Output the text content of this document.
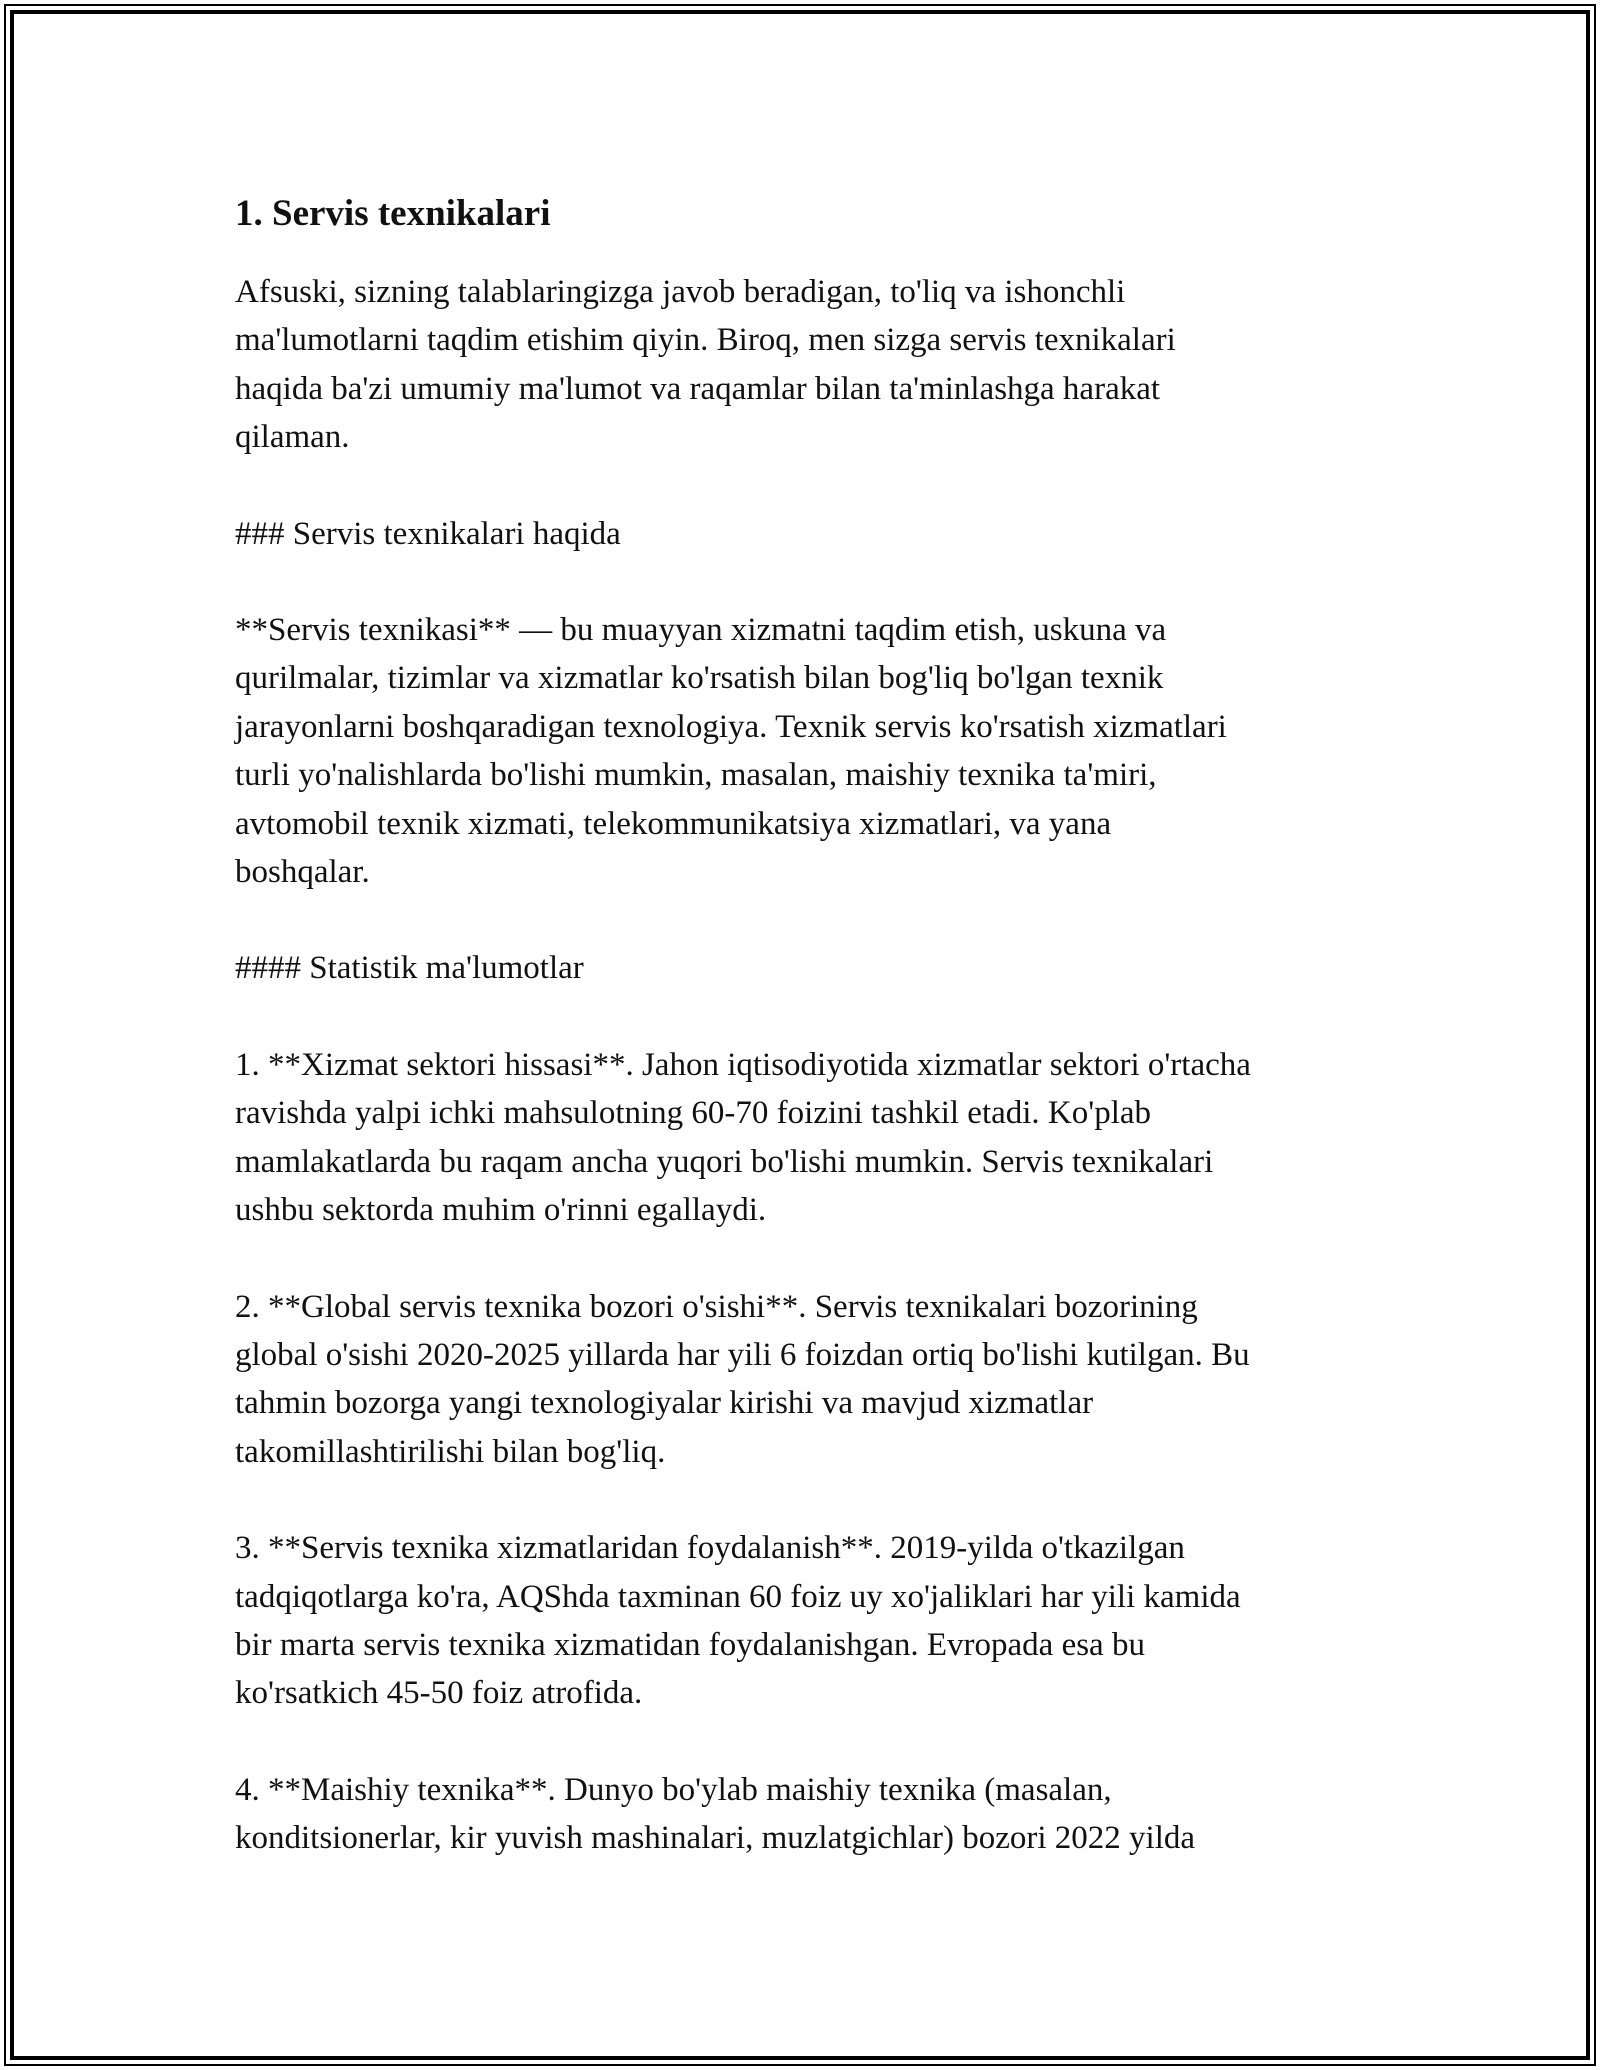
1. Servis texnikalari

Afsuski, sizning talablaringizga javob beradigan, to'liq va ishonchli
ma'lumotlarni taqdim etishim qiyin. Biroq, men sizga servis texnikalari
haqida ba'zi umumiy ma'lumot va raqamlar bilan ta'minlashga harakat
qilaman.

### Servis texnikalari haqida

**Servis texnikasi** — bu muayyan xizmatni taqdim etish, uskuna va
qurilmalar, tizimlar va xizmatlar ko'rsatish bilan bog'liq bo'lgan texnik
jarayonlarni boshqaradigan texnologiya. Texnik servis ko'rsatish xizmatlari
turli yo'nalishlarda bo'lishi mumkin, masalan, maishiy texnika ta'miri,
avtomobil texnik xizmati, telekommunikatsiya xizmatlari, va yana
boshqalar.

#### Statistik ma'lumotlar

1. **Xizmat sektori hissasi**. Jahon iqtisodiyotida xizmatlar sektori o'rtacha
ravishda yalpi ichki mahsulotning 60-70 foizini tashkil etadi. Ko'plab
mamlakatlarda bu raqam ancha yuqori bo'lishi mumkin. Servis texnikalari
ushbu sektorda muhim o'rinni egallaydi.

2. **Global servis texnika bozori o'sishi**. Servis texnikalari bozorining
global o'sishi 2020-2025 yillarda har yili 6 foizdan ortiq bo'lishi kutilgan. Bu
tahmin bozorga yangi texnologiyalar kirishi va mavjud xizmatlar
takomillashtirilishi bilan bog'liq.

3. **Servis texnika xizmatlaridan foydalanish**. 2019-yilda o'tkazilgan
tadqiqotlarga ko'ra, AQShda taxminan 60 foiz uy xo'jaliklari har yili kamida
bir marta servis texnika xizmatidan foydalanishgan. Evropada esa bu
ko'rsatkich 45-50 foiz atrofida.

4. **Maishiy texnika**. Dunyo bo'ylab maishiy texnika (masalan,
konditsionerlar, kir yuvish mashinalari, muzlatgichlar) bozori 2022 yilda
